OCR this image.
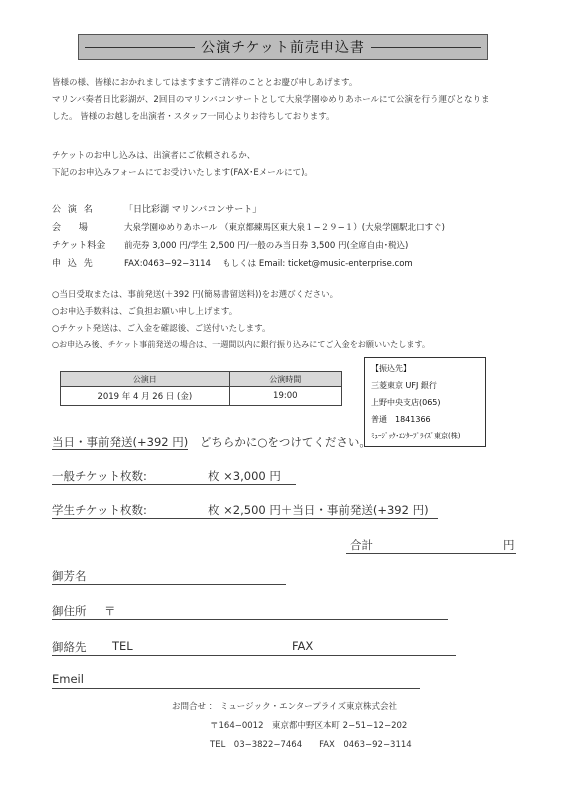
公演チケット前売申込書
皆様の様、皆様におかれましてはますますご清祥のこととお慶び申しあげます。
マリンバ奏者日比彩湖が、2回目のマリンバコンサートとして大泉学園ゆめりあホールにて公演を行う運びとなりま
した。 皆様のお越しを出演者・スタッフ一同心よりお待ちしております。
チケットのお申し込みは、出演者にご依頼されるか、
下記のお申込みフォームにてお受けいたします(FAX･Eメールにて)。
公 演 名	「日比彩湖 マリンバコンサート」
会　 場	大泉学園ゆめりあホール （東京都練馬区東大泉１−２９−１）(大泉学園駅北口すぐ)
チケット料金 前売券 3,000 円/学生 2,500 円/一般のみ当日券 3,500 円(全席自由･税込)
申 込 先	FAX:0463−92−3114　 もしくは Email: ticket@music-enterprise.com
○当日受取または、事前発送(＋392 円(簡易書留送料))をお選びください。
○お申込手数料は、ご負担お願い申し上げます。
○チケット発送は、ご入金を確認後、ご送付いたします。
○お申込み後、チケット事前発送の場合は、一週間以内に銀行振り込みにてご入金をお願いいたします。
公演日	公演時間
2019 年 4 月 26 日 (金)	19:00
【振込先】
三菱東京 UFJ 銀行
上野中央支店(065)
普通　1841366
ﾐｭｰｼﾞｯｸ･ｴﾝﾀｰﾌﾟﾗｲｽﾞ東京(株)
当日・事前発送(+392 円) どちらかに○をつけてください。
一般チケット枚数:	枚 ×3,000 円
学生チケット枚数:	枚 ×2,500 円＋当日・事前発送(+392 円)
合計	円
御芳名
御住所 〒
御絡先 TEL	FAX
Emeil
お問合せ ： ミュージック・エンタープライズ東京株式会社
〒164−0012　東京都中野区本町 2−51−12−202
TEL　03−3822−7464　　FAX　0463−92−3114
